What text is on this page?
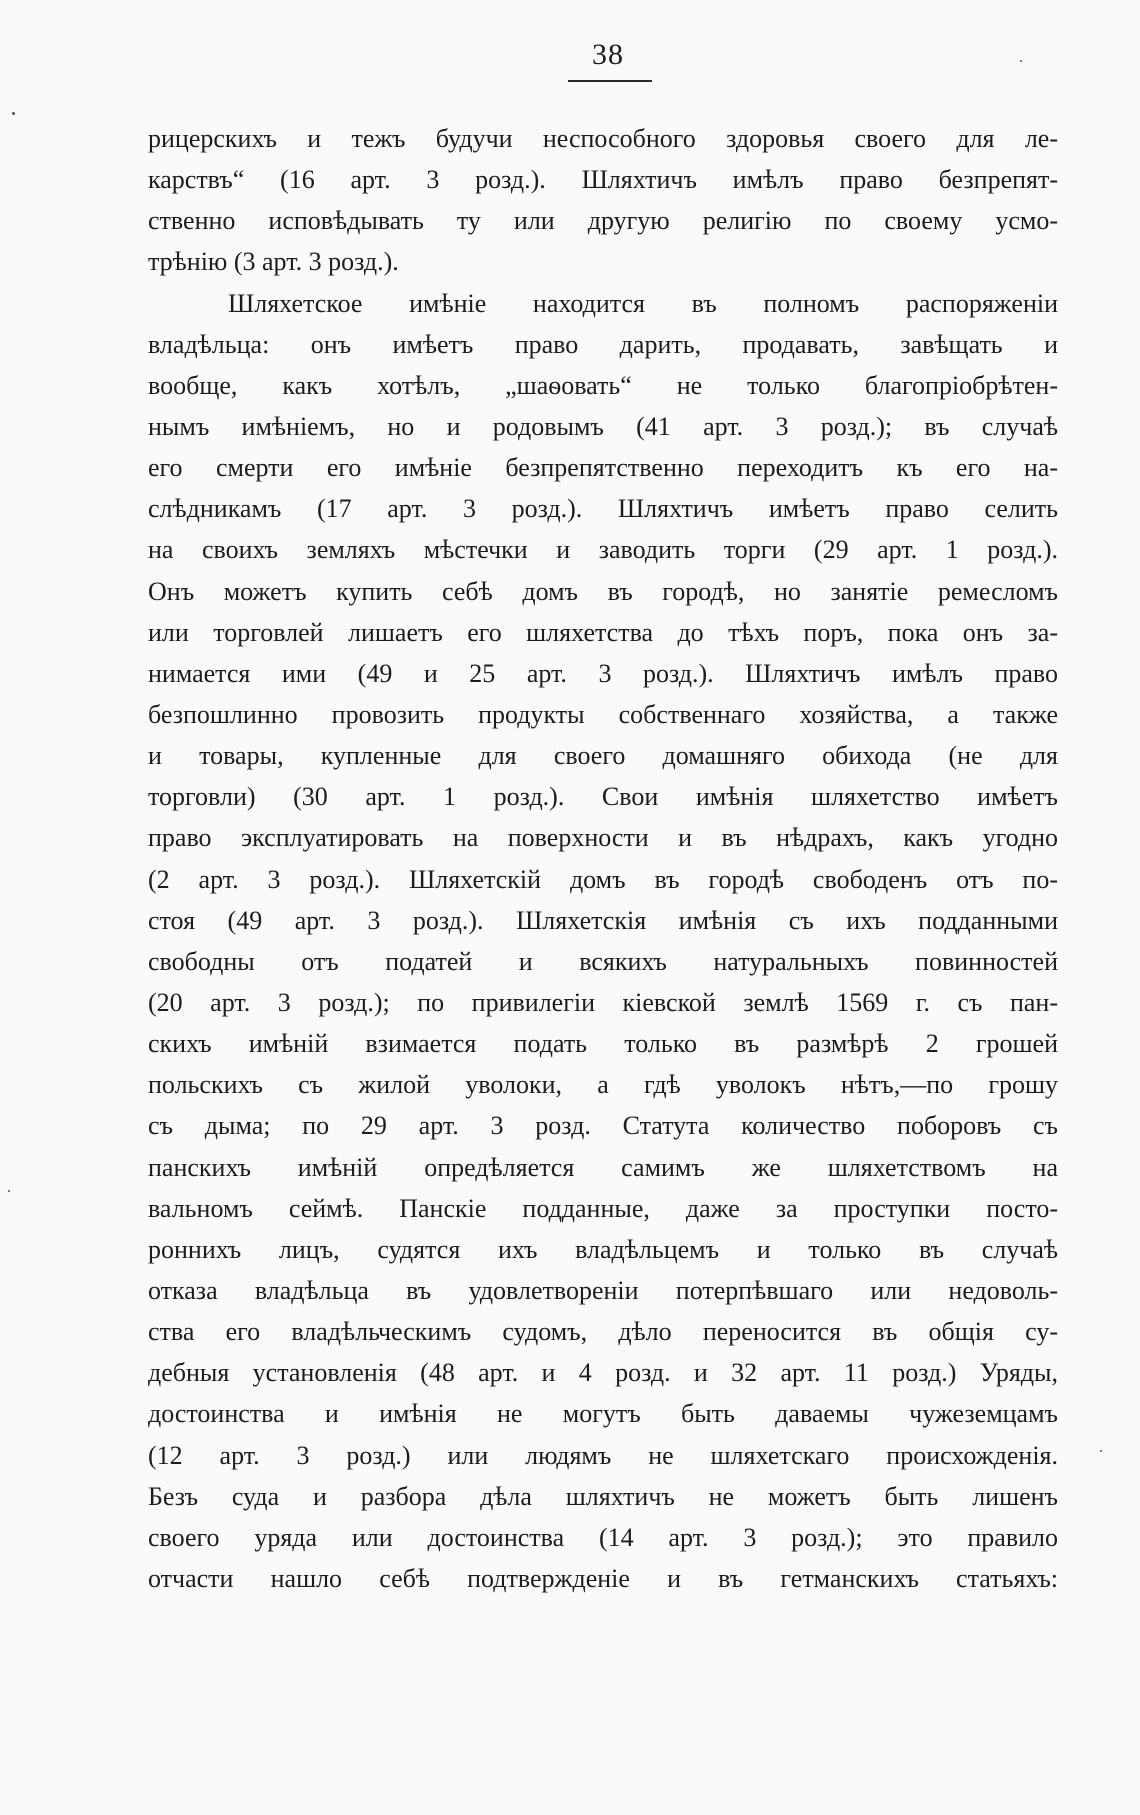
38
рицерскихъ и тежъ будучи неспособного здоровья своего для ле-
карствъ“ (16 арт. 3 розд.). Шляхтичъ имѣлъ право безпрепят-
ственно исповѣдывать ту или другую религію по своему усмо-
трѣнію (3 арт. 3 розд.).
Шляхетское имѣніе находится въ полномъ распоряженіи
владѣльца: онъ имѣетъ право дарить, продавать, завѣщать и
вообще, какъ хотѣлъ, „шаѳовать“ не только благопріобрѣтен-
нымъ имѣніемъ, но и родовымъ (41 арт. 3 розд.); въ случаѣ
его смерти его имѣніе безпрепятственно переходитъ къ его на-
слѣдникамъ (17 арт. 3 розд.). Шляхтичъ имѣетъ право селить
на своихъ земляхъ мѣстечки и заводить торги (29 арт. 1 розд.).
Онъ можетъ купить себѣ домъ въ городѣ, но занятіе ремесломъ
или торговлей лишаетъ его шляхетства до тѣхъ поръ, пока онъ за-
нимается ими (49 и 25 арт. 3 розд.). Шляхтичъ имѣлъ право
безпошлинно провозить продукты собственнаго хозяйства, а также
и товары, купленные для своего домашняго обихода (не для
торговли) (30 арт. 1 розд.). Свои имѣнія шляхетство имѣетъ
право эксплуатировать на поверхности и въ нѣдрахъ, какъ угодно
(2 арт. 3 розд.). Шляхетскій домъ въ городѣ свободенъ отъ по-
стоя (49 арт. 3 розд.). Шляхетскія имѣнія съ ихъ подданными
свободны отъ податей и всякихъ натуральныхъ повинностей
(20 арт. 3 розд.); по привилегіи кіевской землѣ 1569 г. съ пан-
скихъ имѣній взимается подать только въ размѣрѣ 2 грошей
польскихъ съ жилой уволоки, а гдѣ уволокъ нѣтъ,—по грошу
съ дыма; по 29 арт. 3 розд. Статута количество поборовъ съ
панскихъ имѣній опредѣляется самимъ же шляхетствомъ на
вальномъ сеймѣ. Панскіе подданные, даже за проступки посто-
роннихъ лицъ, судятся ихъ владѣльцемъ и только въ случаѣ
отказа владѣльца въ удовлетвореніи потерпѣвшаго или недоволь-
ства его владѣльческимъ судомъ, дѣло переносится въ общія су-
дебныя установленія (48 арт. и 4 розд. и 32 арт. 11 розд.) Уряды,
достоинства и имѣнія не могутъ быть даваемы чужеземцамъ
(12 арт. 3 розд.) или людямъ не шляхетскаго происхожденія.
Безъ суда и разбора дѣла шляхтичъ не можетъ быть лишенъ
своего уряда или достоинства (14 арт. 3 розд.); это правило
отчасти нашло себѣ подтвержденіе и въ гетманскихъ статьяхъ:
